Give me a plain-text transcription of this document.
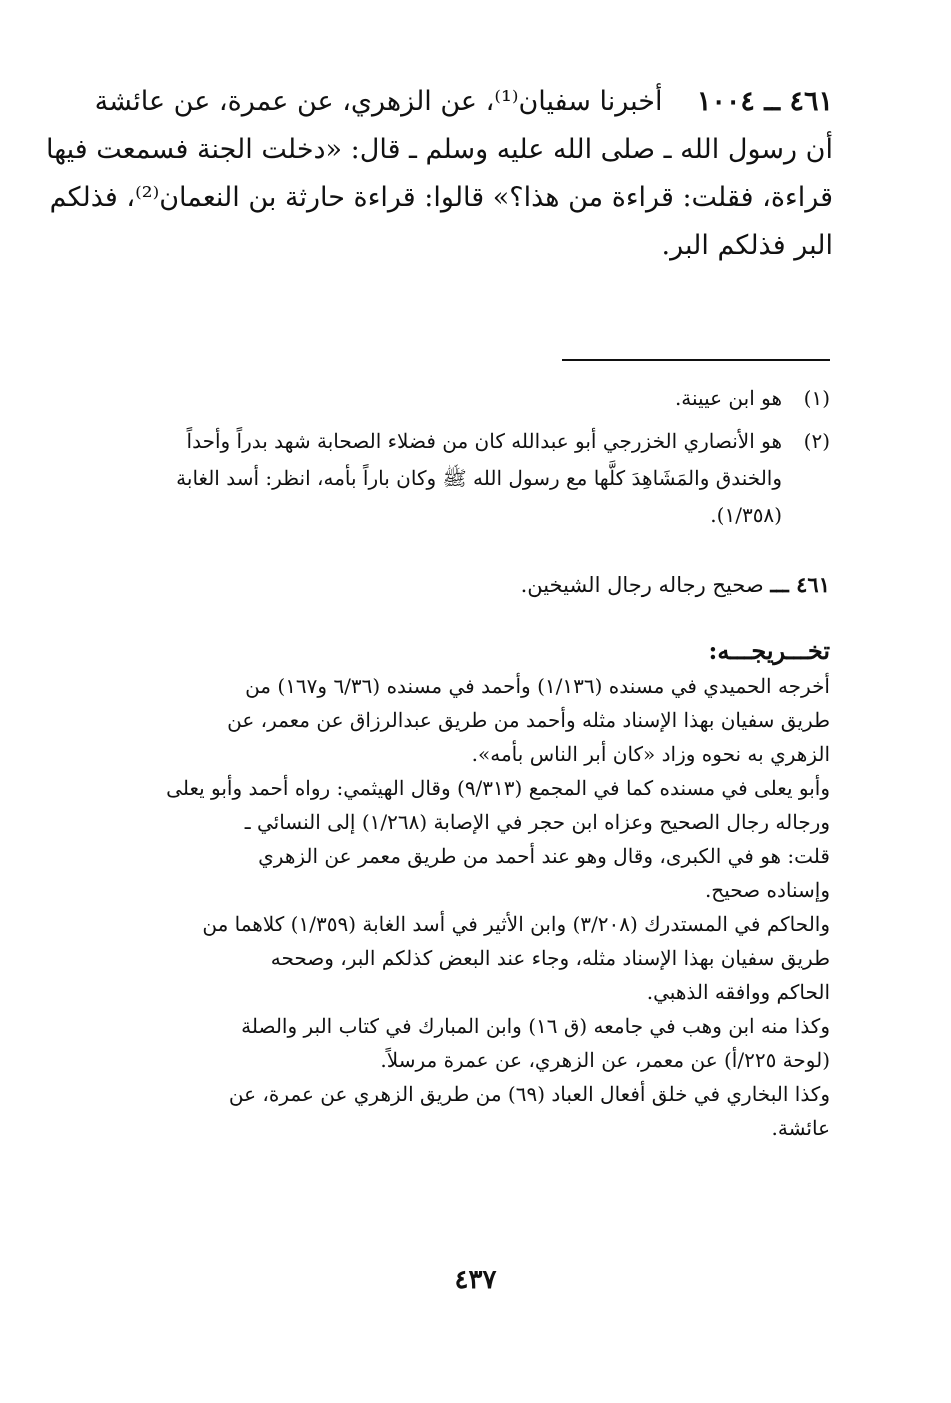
٤٦١ ــ ١٠٠٤    أخبرنا سفيان⁽¹⁾، عن الزهري، عن عمرة، عن عائشة
أن رسول الله ـ صلى الله عليه وسلم ـ قال: «دخلت الجنة فسمعت فيها
قراءة، فقلت: قراءة من هذا؟» قالوا: قراءة حارثة بن النعمان⁽²⁾، فذلكم
البر فذلكم البر.
(١)
هو ابن عيينة.
(٢)
هو الأنصاري الخزرجي أبو عبدالله كان من فضلاء الصحابة شهد بدراً وأحداً
والخندق والمَشَاهِدَ كلَّها مع رسول الله ﷺ وكان باراً بأمه، انظر: أسد الغابة
(١/٣٥٨).
٤٦١ ـــ صحيح رجاله رجال الشيخين.
تخـــريجـــه:
أخرجه الحميدي في مسنده (١/١٣٦) وأحمد في مسنده (٦/٣٦ و١٦٧) من
طريق سفيان بهذا الإسناد مثله وأحمد من طريق عبدالرزاق عن معمر، عن
الزهري به نحوه وزاد «كان أبر الناس بأمه».
وأبو يعلى في مسنده كما في المجمع (٩/٣١٣) وقال الهيثمي: رواه أحمد وأبو يعلى
ورجاله رجال الصحيح وعزاه ابن حجر في الإصابة (١/٢٦٨) إلى النسائي ـ
قلت: هو في الكبرى، وقال وهو عند أحمد من طريق معمر عن الزهري
وإسناده صحيح.
والحاكم في المستدرك (٣/٢٠٨) وابن الأثير في أسد الغابة (١/٣٥٩) كلاهما من
طريق سفيان بهذا الإسناد مثله، وجاء عند البعض كذلكم البر، وصححه
الحاكم ووافقه الذهبي.
وكذا منه ابن وهب في جامعه (ق ١٦) وابن المبارك في كتاب البر والصلة
(لوحة ٢٢٥/أ) عن معمر، عن الزهري، عن عمرة مرسلاً.
وكذا البخاري في خلق أفعال العباد (٦٩) من طريق الزهري عن عمرة، عن
عائشة.
٤٣٧
